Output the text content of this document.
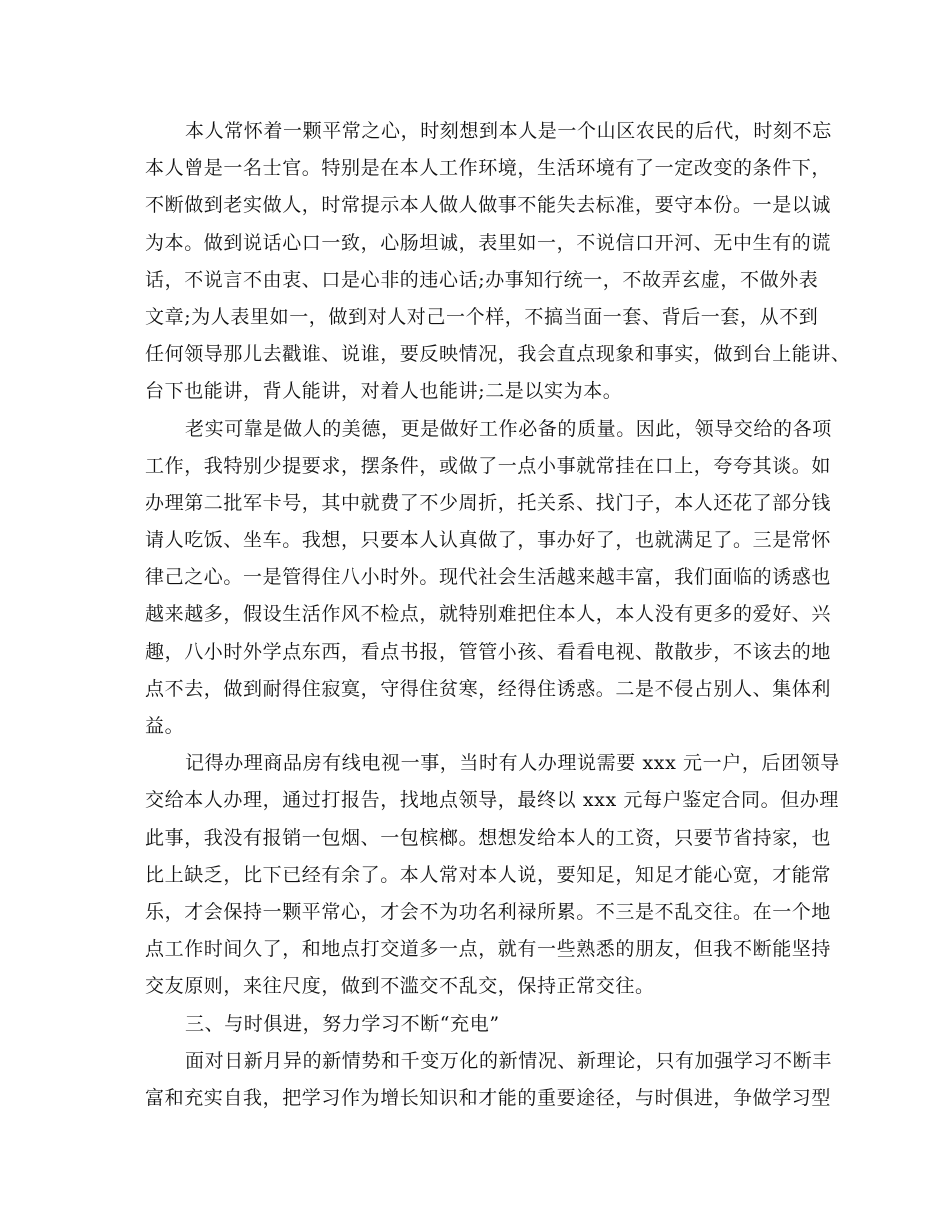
本人常怀着一颗平常之心，时刻想到本人是一个山区农民的后代，时刻不忘
本人曾是一名士官。特别是在本人工作环境，生活环境有了一定改变的条件下，
不断做到老实做人，时常提示本人做人做事不能失去标准，要守本份。一是以诚
为本。做到说话心口一致，心肠坦诚，表里如一，不说信口开河、无中生有的谎
话，不说言不由衷、口是心非的违心话;办事知行统一，不故弄玄虚，不做外表
文章;为人表里如一，做到对人对己一个样，不搞当面一套、背后一套，从不到
任何领导那儿去戳谁、说谁，要反映情况，我会直点现象和事实，做到台上能讲、
台下也能讲，背人能讲，对着人也能讲;二是以实为本。
老实可靠是做人的美德，更是做好工作必备的质量。因此，领导交给的各项
工作，我特别少提要求，摆条件，或做了一点小事就常挂在口上，夸夸其谈。如
办理第二批军卡号，其中就费了不少周折，托关系、找门子，本人还花了部分钱
请人吃饭、坐车。我想，只要本人认真做了，事办好了，也就满足了。三是常怀
律己之心。一是管得住八小时外。现代社会生活越来越丰富，我们面临的诱惑也
越来越多，假设生活作风不检点，就特别难把住本人，本人没有更多的爱好、兴
趣，八小时外学点东西，看点书报，管管小孩、看看电视、散散步，不该去的地
点不去，做到耐得住寂寞，守得住贫寒，经得住诱惑。二是不侵占别人、集体利
益。
记得办理商品房有线电视一事，当时有人办理说需要 xxx 元一户，后团领导
交给本人办理，通过打报告，找地点领导，最终以 xxx 元每户鉴定合同。但办理
此事，我没有报销一包烟、一包槟榔。想想发给本人的工资，只要节省持家，也
比上缺乏，比下已经有余了。本人常对本人说，要知足，知足才能心宽，才能常
乐，才会保持一颗平常心，才会不为功名利禄所累。不三是不乱交往。在一个地
点工作时间久了，和地点打交道多一点，就有一些熟悉的朋友，但我不断能坚持
交友原则，来往尺度，做到不滥交不乱交，保持正常交往。
三、与时俱进，努力学习不断“充电”
面对日新月异的新情势和千变万化的新情况、新理论，只有加强学习不断丰
富和充实自我，把学习作为增长知识和才能的重要途径，与时俱进，争做学习型
